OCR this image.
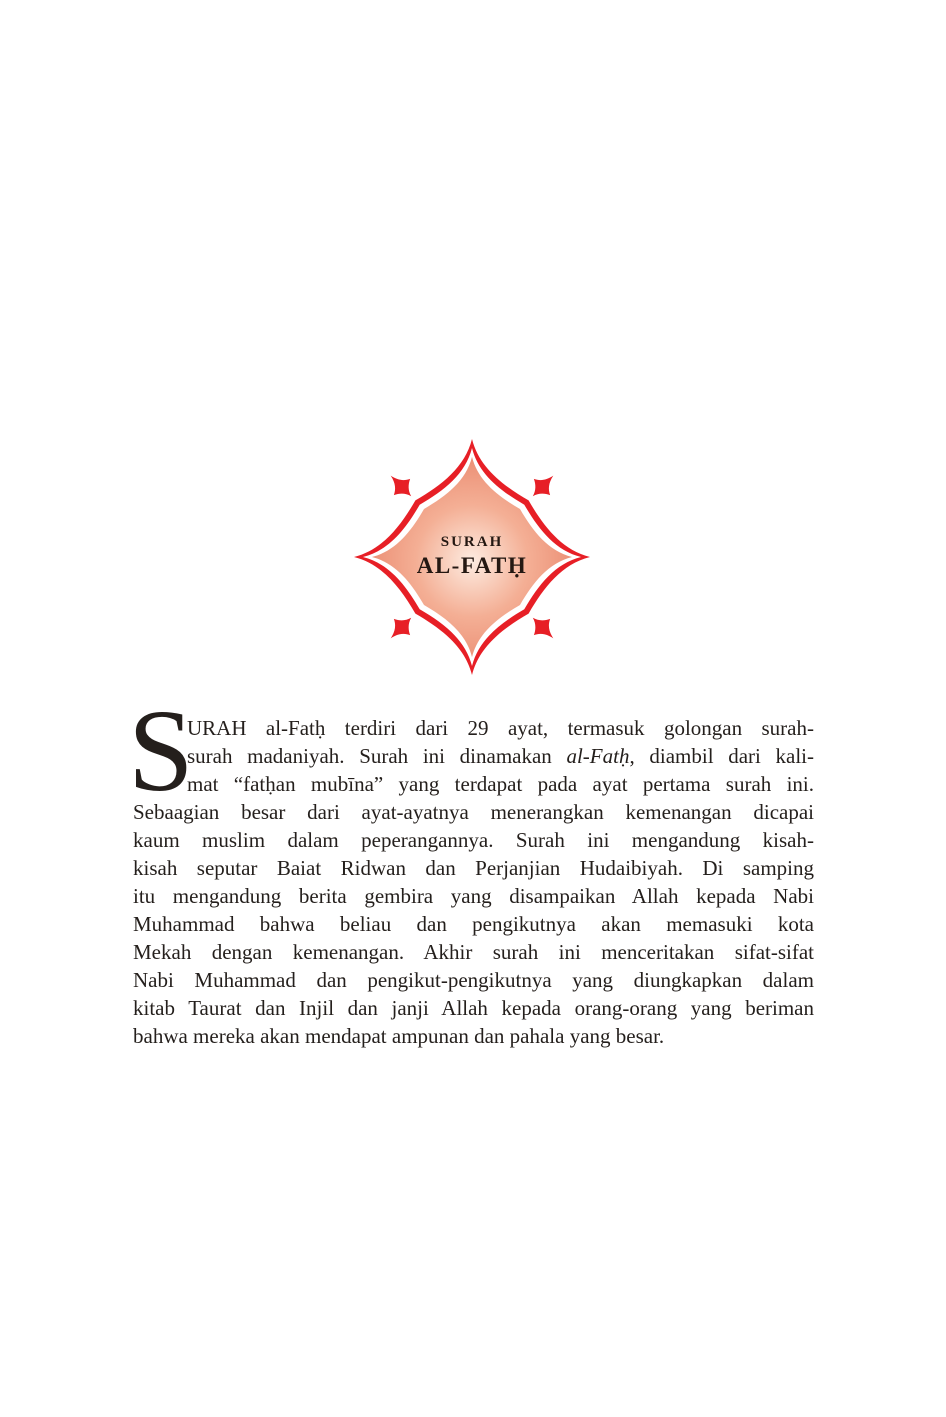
SURAH
AL-FATḤ
S
URAH al-Fatḥ terdiri dari 29 ayat, termasuk golongan surah-
surah madaniyah. Surah ini dinamakan al-Fatḥ, diambil dari kali-
mat “fatḥan mubīna” yang terdapat pada ayat pertama surah ini.
Sebaagian besar dari ayat-ayatnya menerangkan kemenangan dicapai
kaum muslim dalam peperangannya. Surah ini mengandung kisah-
kisah seputar Baiat Ridwan dan Perjanjian Hudaibiyah. Di samping
itu mengandung berita gembira yang disampaikan Allah kepada Nabi
Muhammad bahwa beliau dan pengikutnya akan memasuki kota
Mekah dengan kemenangan. Akhir surah ini menceritakan sifat-sifat
Nabi Muhammad dan pengikut-pengikutnya yang diungkapkan dalam
kitab Taurat dan Injil dan janji Allah kepada orang-orang yang beriman
bahwa mereka akan mendapat ampunan dan pahala yang besar.
